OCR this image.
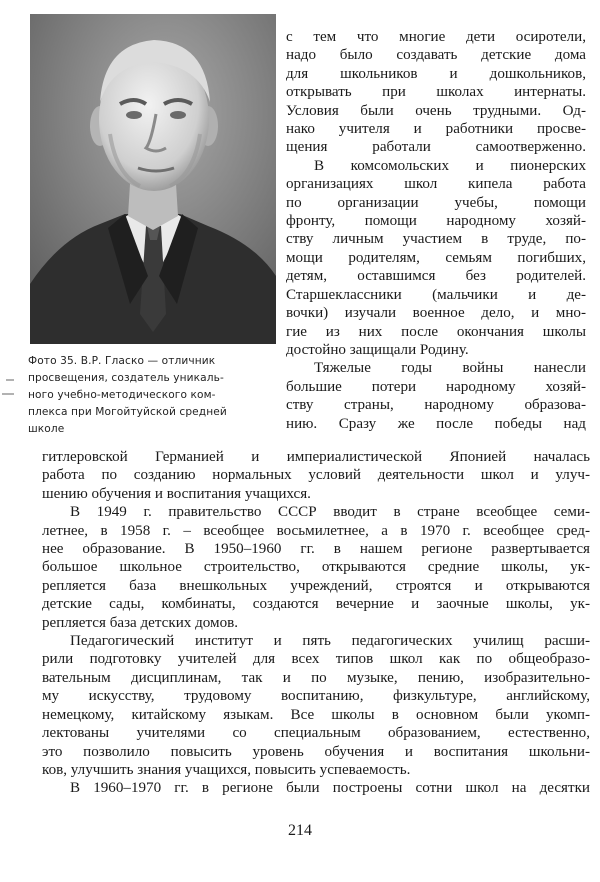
Фото 35. В.Р. Гласко — отличник
просвещения, создатель уникаль-
ного учебно-методического ком-
плекса при Могойтуйской средней
школе
с тем что многие дети осиротели,
надо было создавать детские дома
для школьников и дошкольников,
открывать при школах интернаты.
Условия были очень трудными. Од-
нако учителя и работники просве-
щения работали самоотверженно.
В комсомольских и пионерских
организациях школ кипела работа
по организации учебы, помощи
фронту, помощи народному хозяй-
ству личным участием в труде, по-
мощи родителям, семьям погибших,
детям, оставшимся без родителей.
Старшеклассники (мальчики и де-
вочки) изучали военное дело, и мно-
гие из них после окончания школы
достойно защищали Родину.
Тяжелые годы войны нанесли
большие потери народному хозяй-
ству страны, народному образова-
нию. Сразу же после победы над
гитлеровской Германией и империалистической Японией началась
работа по созданию нормальных условий деятельности школ и улуч-
шению обучения и воспитания учащихся.
В 1949 г. правительство СССР вводит в стране всеобщее семи-
летнее, в 1958 г. – всеобщее восьмилетнее, а в 1970 г. всеобщее сред-
нее образование. В 1950–1960 гг. в нашем регионе развертывается
большое школьное строительство, открываются средние школы, ук-
репляется база внешкольных учреждений, строятся и открываются
детские сады, комбинаты, создаются вечерние и заочные школы, ук-
репляется база детских домов.
Педагогический институт и пять педагогических училищ расши-
рили подготовку учителей для всех типов школ как по общеобразо-
вательным дисциплинам, так и по музыке, пению, изобразительно-
му искусству, трудовому воспитанию, физкультуре, английскому,
немецкому, китайскому языкам. Все школы в основном были укомп-
лектованы учителями со специальным образованием, естественно,
это позволило повысить уровень обучения и воспитания школьни-
ков, улучшить знания учащихся, повысить успеваемость.
В 1960–1970 гг. в регионе были построены сотни школ на десятки
214
